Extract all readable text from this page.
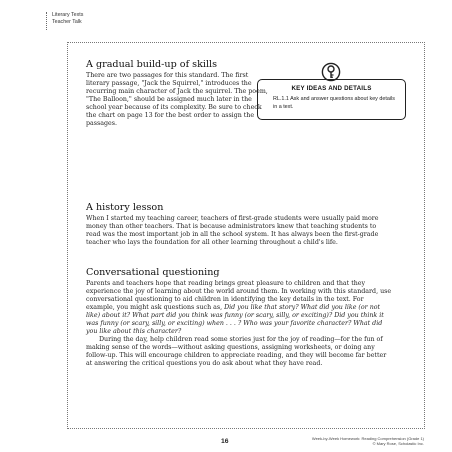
Literary Texts
Teacher Talk
A gradual build-up of skills

There are two passages for this standard. The first literary passage, "Jack the Squirrel," introduces the recurring main character of Jack the squirrel. The poem, "The Balloon," should be assigned much later in the school year because of its complexity. Be sure to check the chart on page 13 for the best order to assign the passages.

A history lesson

When I started my teaching career, teachers of first-grade students were usually paid more money than other teachers. That is because administrators knew that teaching students to read was the most important job in all the school system. It has always been the first-grade teacher who lays the foundation for all other learning throughout a child's life.

Conversational questioning

Parents and teachers hope that reading brings great pleasure to children and that they experience the joy of learning about the world around them. In working with this standard, use conversational questioning to aid children in identifying the key details in the text. For example, you might ask questions such as, Did you like that story? What did you like (or not like) about it? What part did you think was funny (or scary, silly, or exciting)? Did you think it was funny (or scary, silly, or exciting) when . . . ? Who was your favorite character? What did you like about this character?

During the day, help children read some stories just for the joy of reading—for the fun of making sense of the words—without asking questions, assigning worksheets, or doing any follow-up. This will encourage children to appreciate reading, and they will become far better at answering the critical questions you do ask about what they have read.

KEY IDEAS AND DETAILS
RL.1.1 Ask and answer questions about key details in a text.
16	Week-by-Week Homework: Reading Comprehension (Grade 1)
© Mary Rose, Scholastic Inc.
